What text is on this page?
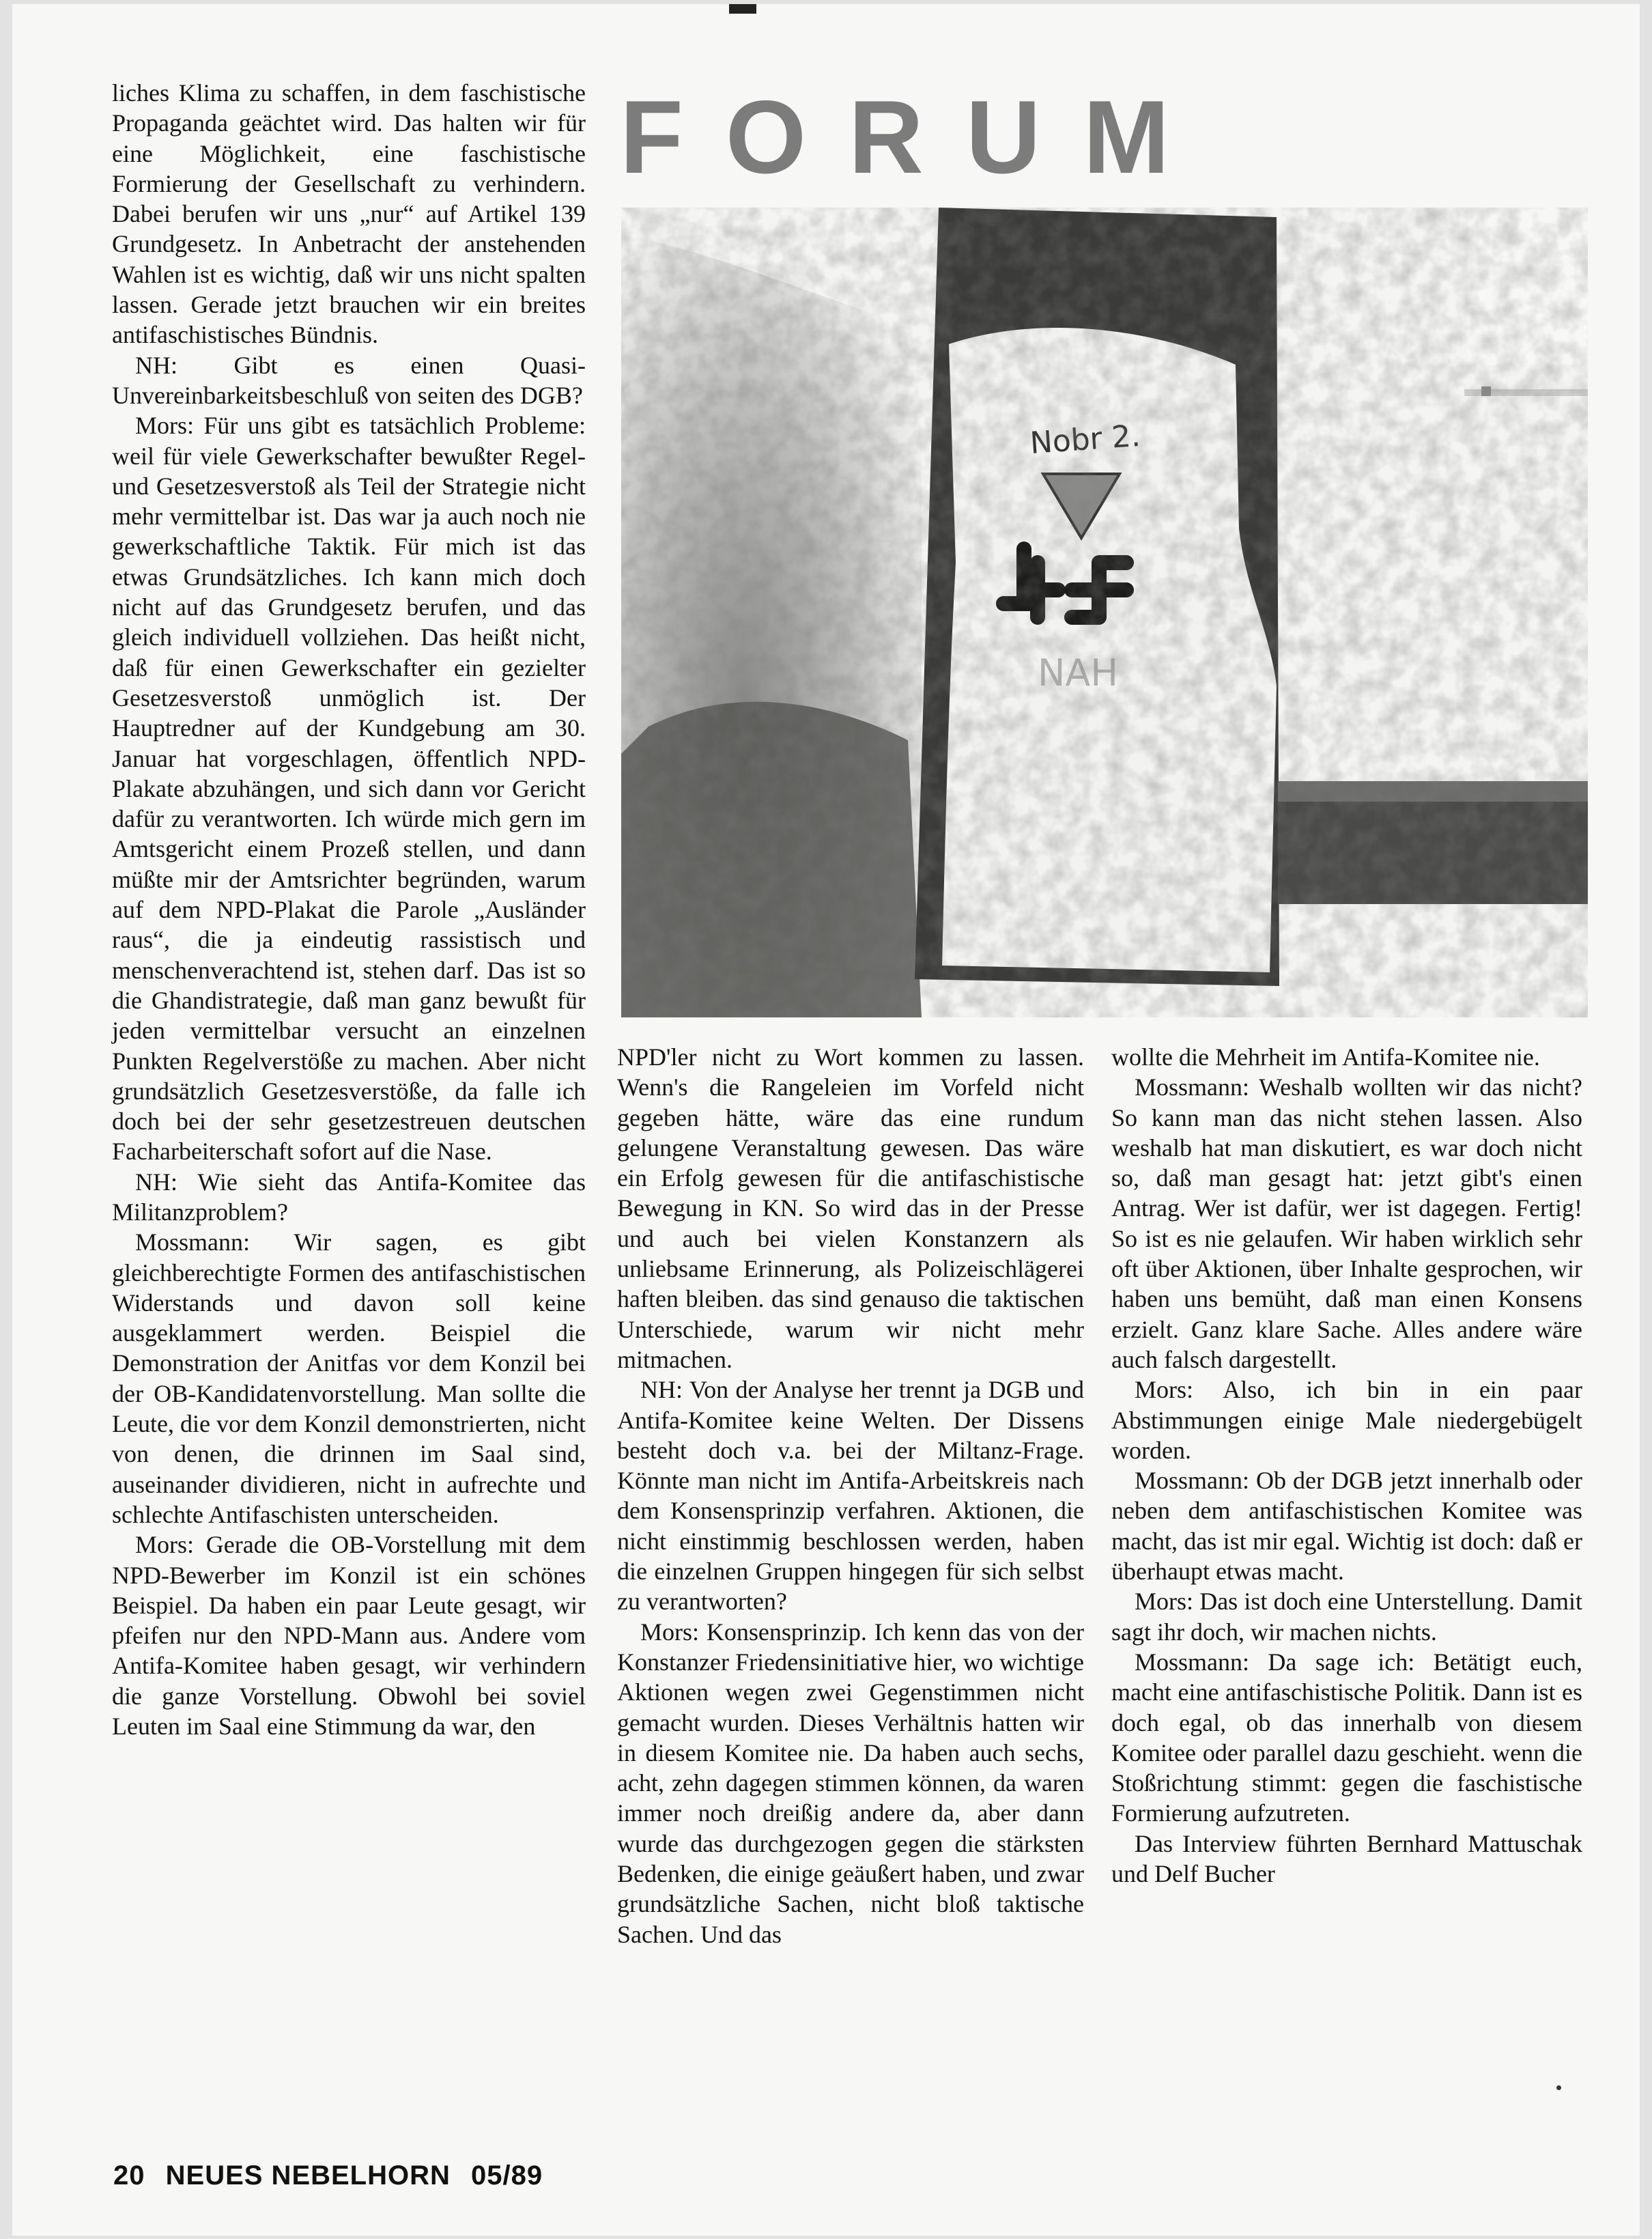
liches Klima zu schaffen, in dem faschistische Propaganda geächtet wird. Das halten wir für eine Möglichkeit, eine faschistische Formierung der Gesellschaft zu verhindern. Dabei berufen wir uns „nur“ auf Artikel 139 Grundgesetz. In Anbetracht der anstehenden Wahlen ist es wichtig, daß wir uns nicht spalten lassen. Gerade jetzt brauchen wir ein breites antifaschistisches Bündnis.

NH: Gibt es einen Quasi-Unvereinbarkeitsbeschluß von seiten des DGB?

Mors: Für uns gibt es tatsächlich Probleme: weil für viele Gewerkschafter bewußter Regel- und Gesetzesverstoß als Teil der Strategie nicht mehr vermittelbar ist. Das war ja auch noch nie gewerkschaftliche Taktik. Für mich ist das etwas Grundsätzliches. Ich kann mich doch nicht auf das Grundgesetz berufen, und das gleich individuell vollziehen. Das heißt nicht, daß für einen Gewerkschafter ein gezielter Gesetzesverstoß unmöglich ist. Der Hauptredner auf der Kundgebung am 30. Januar hat vorgeschlagen, öffentlich NPD-Plakate abzuhängen, und sich dann vor Gericht dafür zu verantworten. Ich würde mich gern im Amtsgericht einem Prozeß stellen, und dann müßte mir der Amtsrichter begründen, warum auf dem NPD-Plakat die Parole „Ausländer raus“, die ja eindeutig rassistisch und menschenverachtend ist, stehen darf. Das ist so die Ghandistrategie, daß man ganz bewußt für jeden vermittelbar versucht an einzelnen Punkten Regelverstöße zu machen. Aber nicht grundsätzlich Gesetzesverstöße, da falle ich doch bei der sehr gesetzestreuen deutschen Facharbeiterschaft sofort auf die Nase.

NH: Wie sieht das Antifa-Komitee das Militanzproblem?

Mossmann: Wir sagen, es gibt gleichberechtigte Formen des antifaschistischen Widerstands und davon soll keine ausgeklammert werden. Beispiel die Demonstration der Anitfas vor dem Konzil bei der OB-Kandidatenvorstellung. Man sollte die Leute, die vor dem Konzil demonstrierten, nicht von denen, die drinnen im Saal sind, auseinander dividieren, nicht in aufrechte und schlechte Antifaschisten unterscheiden.

Mors: Gerade die OB-Vorstellung mit dem NPD-Bewerber im Konzil ist ein schönes Beispiel. Da haben ein paar Leute gesagt, wir pfeifen nur den NPD-Mann aus. Andere vom Antifa-Komitee haben gesagt, wir verhindern die ganze Vorstellung. Obwohl bei soviel Leuten im Saal eine Stimmung da war, den

FORUM

NPD'ler nicht zu Wort kommen zu lassen. Wenn's die Rangeleien im Vorfeld nicht gegeben hätte, wäre das eine rundum gelungene Veranstaltung gewesen. Das wäre ein Erfolg gewesen für die antifaschistische Bewegung in KN. So wird das in der Presse und auch bei vielen Konstanzern als unliebsame Erinnerung, als Polizeischlägerei haften bleiben. das sind genauso die taktischen Unterschiede, warum wir nicht mehr mitmachen.

NH: Von der Analyse her trennt ja DGB und Antifa-Komitee keine Welten. Der Dissens besteht doch v.a. bei der Miltanz-Frage. Könnte man nicht im Antifa-Arbeitskreis nach dem Konsensprinzip verfahren. Aktionen, die nicht einstimmig beschlossen werden, haben die einzelnen Gruppen hingegen für sich selbst zu verantworten?

Mors: Konsensprinzip. Ich kenn das von der Konstanzer Friedensinitiative hier, wo wichtige Aktionen wegen zwei Gegenstimmen nicht gemacht wurden. Dieses Verhältnis hatten wir in diesem Komitee nie. Da haben auch sechs, acht, zehn dagegen stimmen können, da waren immer noch dreißig andere da, aber dann wurde das durchgezogen gegen die stärksten Bedenken, die einige geäußert haben, und zwar grundsätzliche Sachen, nicht bloß taktische Sachen. Und das

wollte die Mehrheit im Antifa-Komitee nie.

Mossmann: Weshalb wollten wir das nicht? So kann man das nicht stehen lassen. Also weshalb hat man diskutiert, es war doch nicht so, daß man gesagt hat: jetzt gibt's einen Antrag. Wer ist dafür, wer ist dagegen. Fertig! So ist es nie gelaufen. Wir haben wirklich sehr oft über Aktionen, über Inhalte gesprochen, wir haben uns bemüht, daß man einen Konsens erzielt. Ganz klare Sache. Alles andere wäre auch falsch dargestellt.

Mors: Also, ich bin in ein paar Abstimmungen einige Male niedergebügelt worden.

Mossmann: Ob der DGB jetzt innerhalb oder neben dem antifaschistischen Komitee was macht, das ist mir egal. Wichtig ist doch: daß er überhaupt etwas macht.

Mors: Das ist doch eine Unterstellung. Damit sagt ihr doch, wir machen nichts.

Mossmann: Da sage ich: Betätigt euch, macht eine antifaschistische Politik. Dann ist es doch egal, ob das innerhalb von diesem Komitee oder parallel dazu geschieht. wenn die Stoßrichtung stimmt: gegen die faschistische Formierung aufzutreten.

Das Interview führten Bernhard Mattuschak und Delf Bucher

20 NEUES NEBELHORN 05/89
